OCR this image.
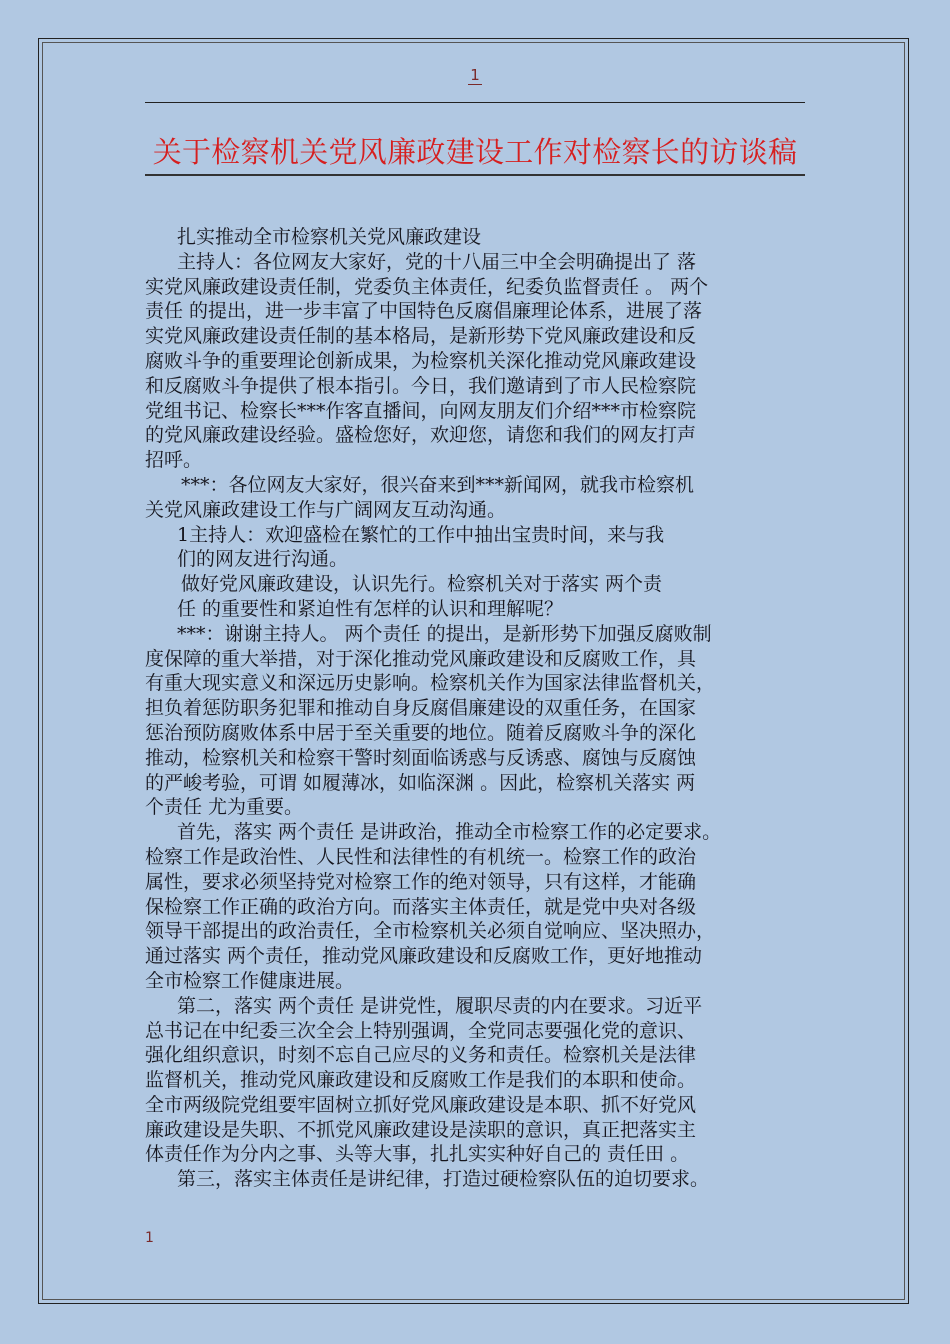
1
关于检察机关党风廉政建设工作对检察长的访谈稿

扎实推动全市检察机关党风廉政建设

主持人：各位网友大家好，党的十八届三中全会明确提出了 落

实党风廉政建设责任制，党委负主体责任，纪委负监督责任 。 两个

责任 的提出，进一步丰富了中国特色反腐倡廉理论体系，进展了落

实党风廉政建设责任制的基本格局，是新形势下党风廉政建设和反

腐败斗争的重要理论创新成果，为检察机关深化推动党风廉政建设

和反腐败斗争提供了根本指引。今日，我们邀请到了市人民检察院

党组书记、检察长***作客直播间，向网友朋友们介绍***市检察院

的党风廉政建设经验。盛检您好，欢迎您，请您和我们的网友打声

招呼。

***：各位网友大家好，很兴奋来到***新闻网，就我市检察机

关党风廉政建设工作与广阔网友互动沟通。

1主持人：欢迎盛检在繁忙的工作中抽出宝贵时间，来与我

们的网友进行沟通。

做好党风廉政建设，认识先行。检察机关对于落实 两个责

任 的重要性和紧迫性有怎样的认识和理解呢？

***：谢谢主持人。 两个责任 的提出，是新形势下加强反腐败制

度保障的重大举措，对于深化推动党风廉政建设和反腐败工作，具

有重大现实意义和深远历史影响。检察机关作为国家法律监督机关，

担负着惩防职务犯罪和推动自身反腐倡廉建设的双重任务，在国家

惩治预防腐败体系中居于至关重要的地位。随着反腐败斗争的深化

推动，检察机关和检察干警时刻面临诱惑与反诱惑、腐蚀与反腐蚀

的严峻考验，可谓 如履薄冰，如临深渊 。因此，检察机关落实 两

个责任 尤为重要。

首先，落实 两个责任 是讲政治，推动全市检察工作的必定要求。

检察工作是政治性、人民性和法律性的有机统一。检察工作的政治

属性，要求必须坚持党对检察工作的绝对领导，只有这样，才能确

保检察工作正确的政治方向。而落实主体责任，就是党中央对各级

领导干部提出的政治责任，全市检察机关必须自觉响应、坚决照办，

通过落实 两个责任，推动党风廉政建设和反腐败工作，更好地推动

全市检察工作健康进展。

第二，落实 两个责任 是讲党性，履职尽责的内在要求。习近平

总书记在中纪委三次全会上特别强调，全党同志要强化党的意识、

强化组织意识，时刻不忘自己应尽的义务和责任。检察机关是法律

监督机关，推动党风廉政建设和反腐败工作是我们的本职和使命。

全市两级院党组要牢固树立抓好党风廉政建设是本职、抓不好党风

廉政建设是失职、不抓党风廉政建设是渎职的意识，真正把落实主

体责任作为分内之事、头等大事，扎扎实实种好自己的 责任田 。

第三，落实主体责任是讲纪律，打造过硬检察队伍的迫切要求。

1
